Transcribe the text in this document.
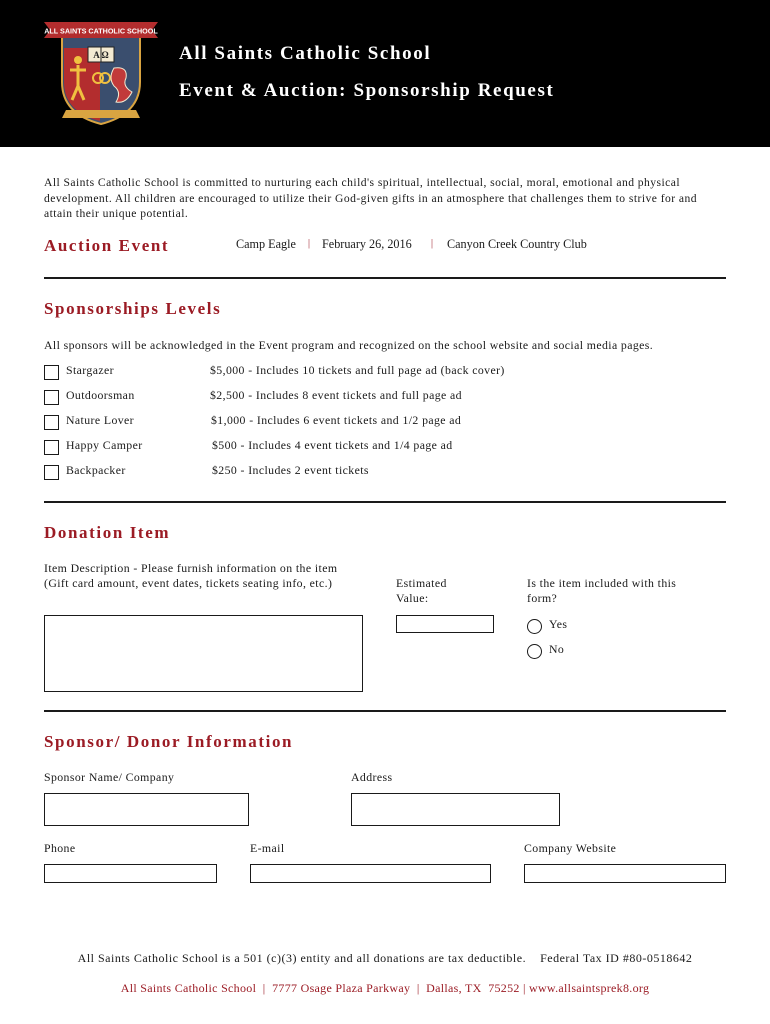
ALL SAINTS CATHOLIC SCHOOL
A Ω	All Saints Catholic School
Event & Auction: Sponsorship Request
All Saints Catholic School is committed to nurturing each child's spiritual, intellectual, social, moral, emotional and physical development. All children are encouraged to utilize their God-given gifts in an atmosphere that challenges them to strive for and attain their unique potential.
Auction Event	Camp Eagle | February 26, 2016 | Canyon Creek Country Club
Sponsorships Levels
All sponsors will be acknowledged in the Event program and recognized on the school website and social media pages.
Stargazer	$5,000 - Includes 10 tickets and full page ad (back cover)
Outdoorsman	$2,500 - Includes 8 event tickets and full page ad
Nature Lover	$1,000 - Includes 6 event tickets and 1/2 page ad
Happy Camper	$500 - Includes 4 event tickets and 1/4 page ad
Backpacker	$250 - Includes 2 event tickets
Donation Item
Item Description - Please furnish information on the item (Gift card amount, event dates, tickets seating info, etc.)	Estimated Value:
Is the item included with this form?
Yes
No
Sponsor/ Donor Information
Sponsor Name/ Company	Address
Phone	E-mail	Company Website
All Saints Catholic School is a 501 (c)(3) entity and all donations are tax deductible.    Federal Tax ID #80-0518642
All Saints Catholic School  |  7777 Osage Plaza Parkway  |  Dallas, TX  75252 | www.allsaintsprek8.org
